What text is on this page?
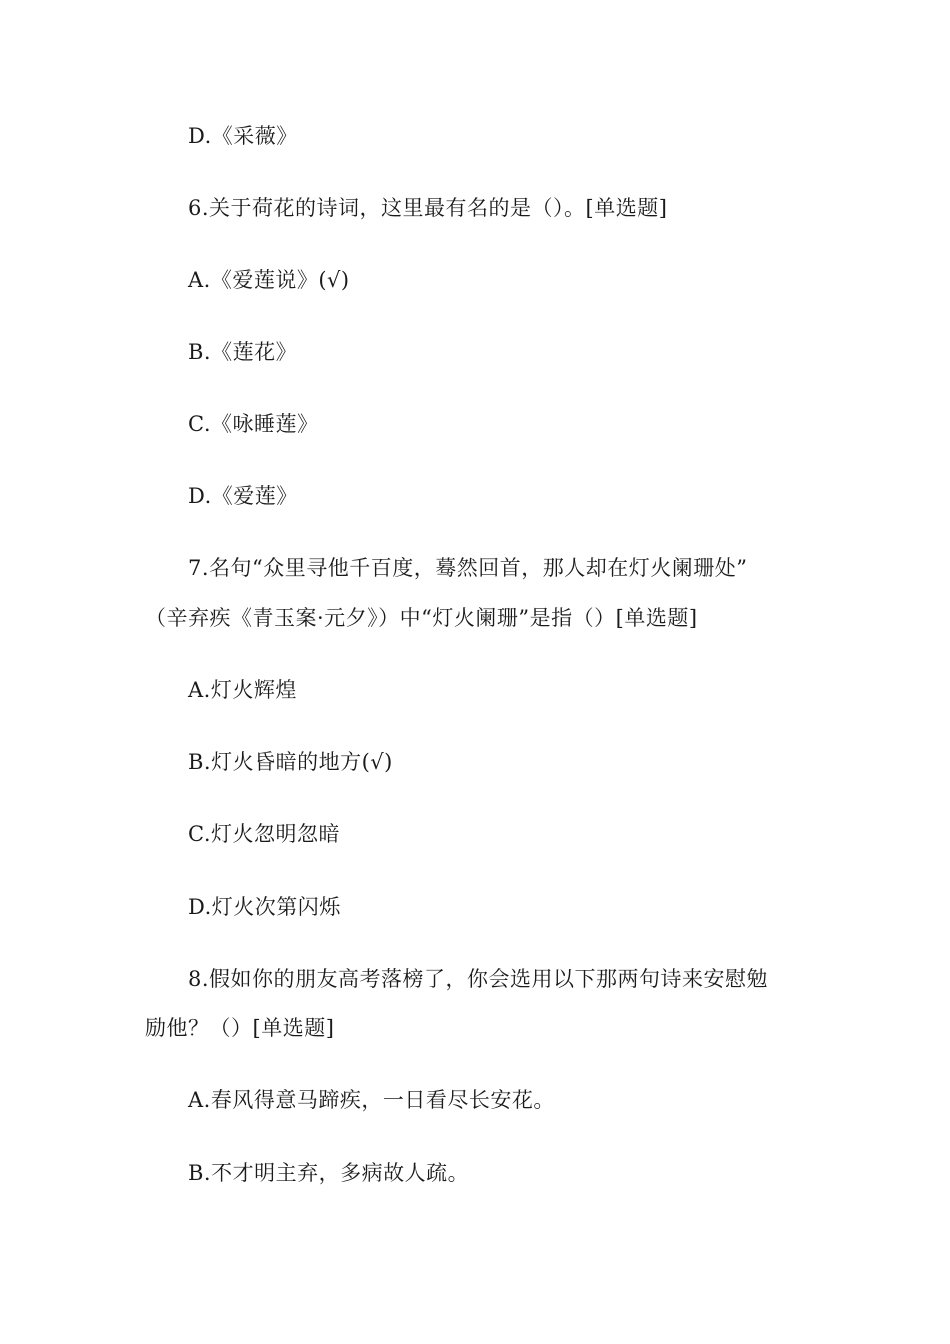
D.《采薇》
6.关于荷花的诗词，这里最有名的是（）。[单选题]
A.《爱莲说》(√)
B.《莲花》
C.《咏睡莲》
D.《爱莲》
7.名句“众里寻他千百度，蓦然回首，那人却在灯火阑珊处”
（辛弃疾《青玉案·元夕》）中“灯火阑珊”是指（）[单选题]
A.灯火辉煌
B.灯火昏暗的地方(√)
C.灯火忽明忽暗
D.灯火次第闪烁
8.假如你的朋友高考落榜了，你会选用以下那两句诗来安慰勉
励他？（）[单选题]
A.春风得意马蹄疾，一日看尽长安花。
B.不才明主弃，多病故人疏。
